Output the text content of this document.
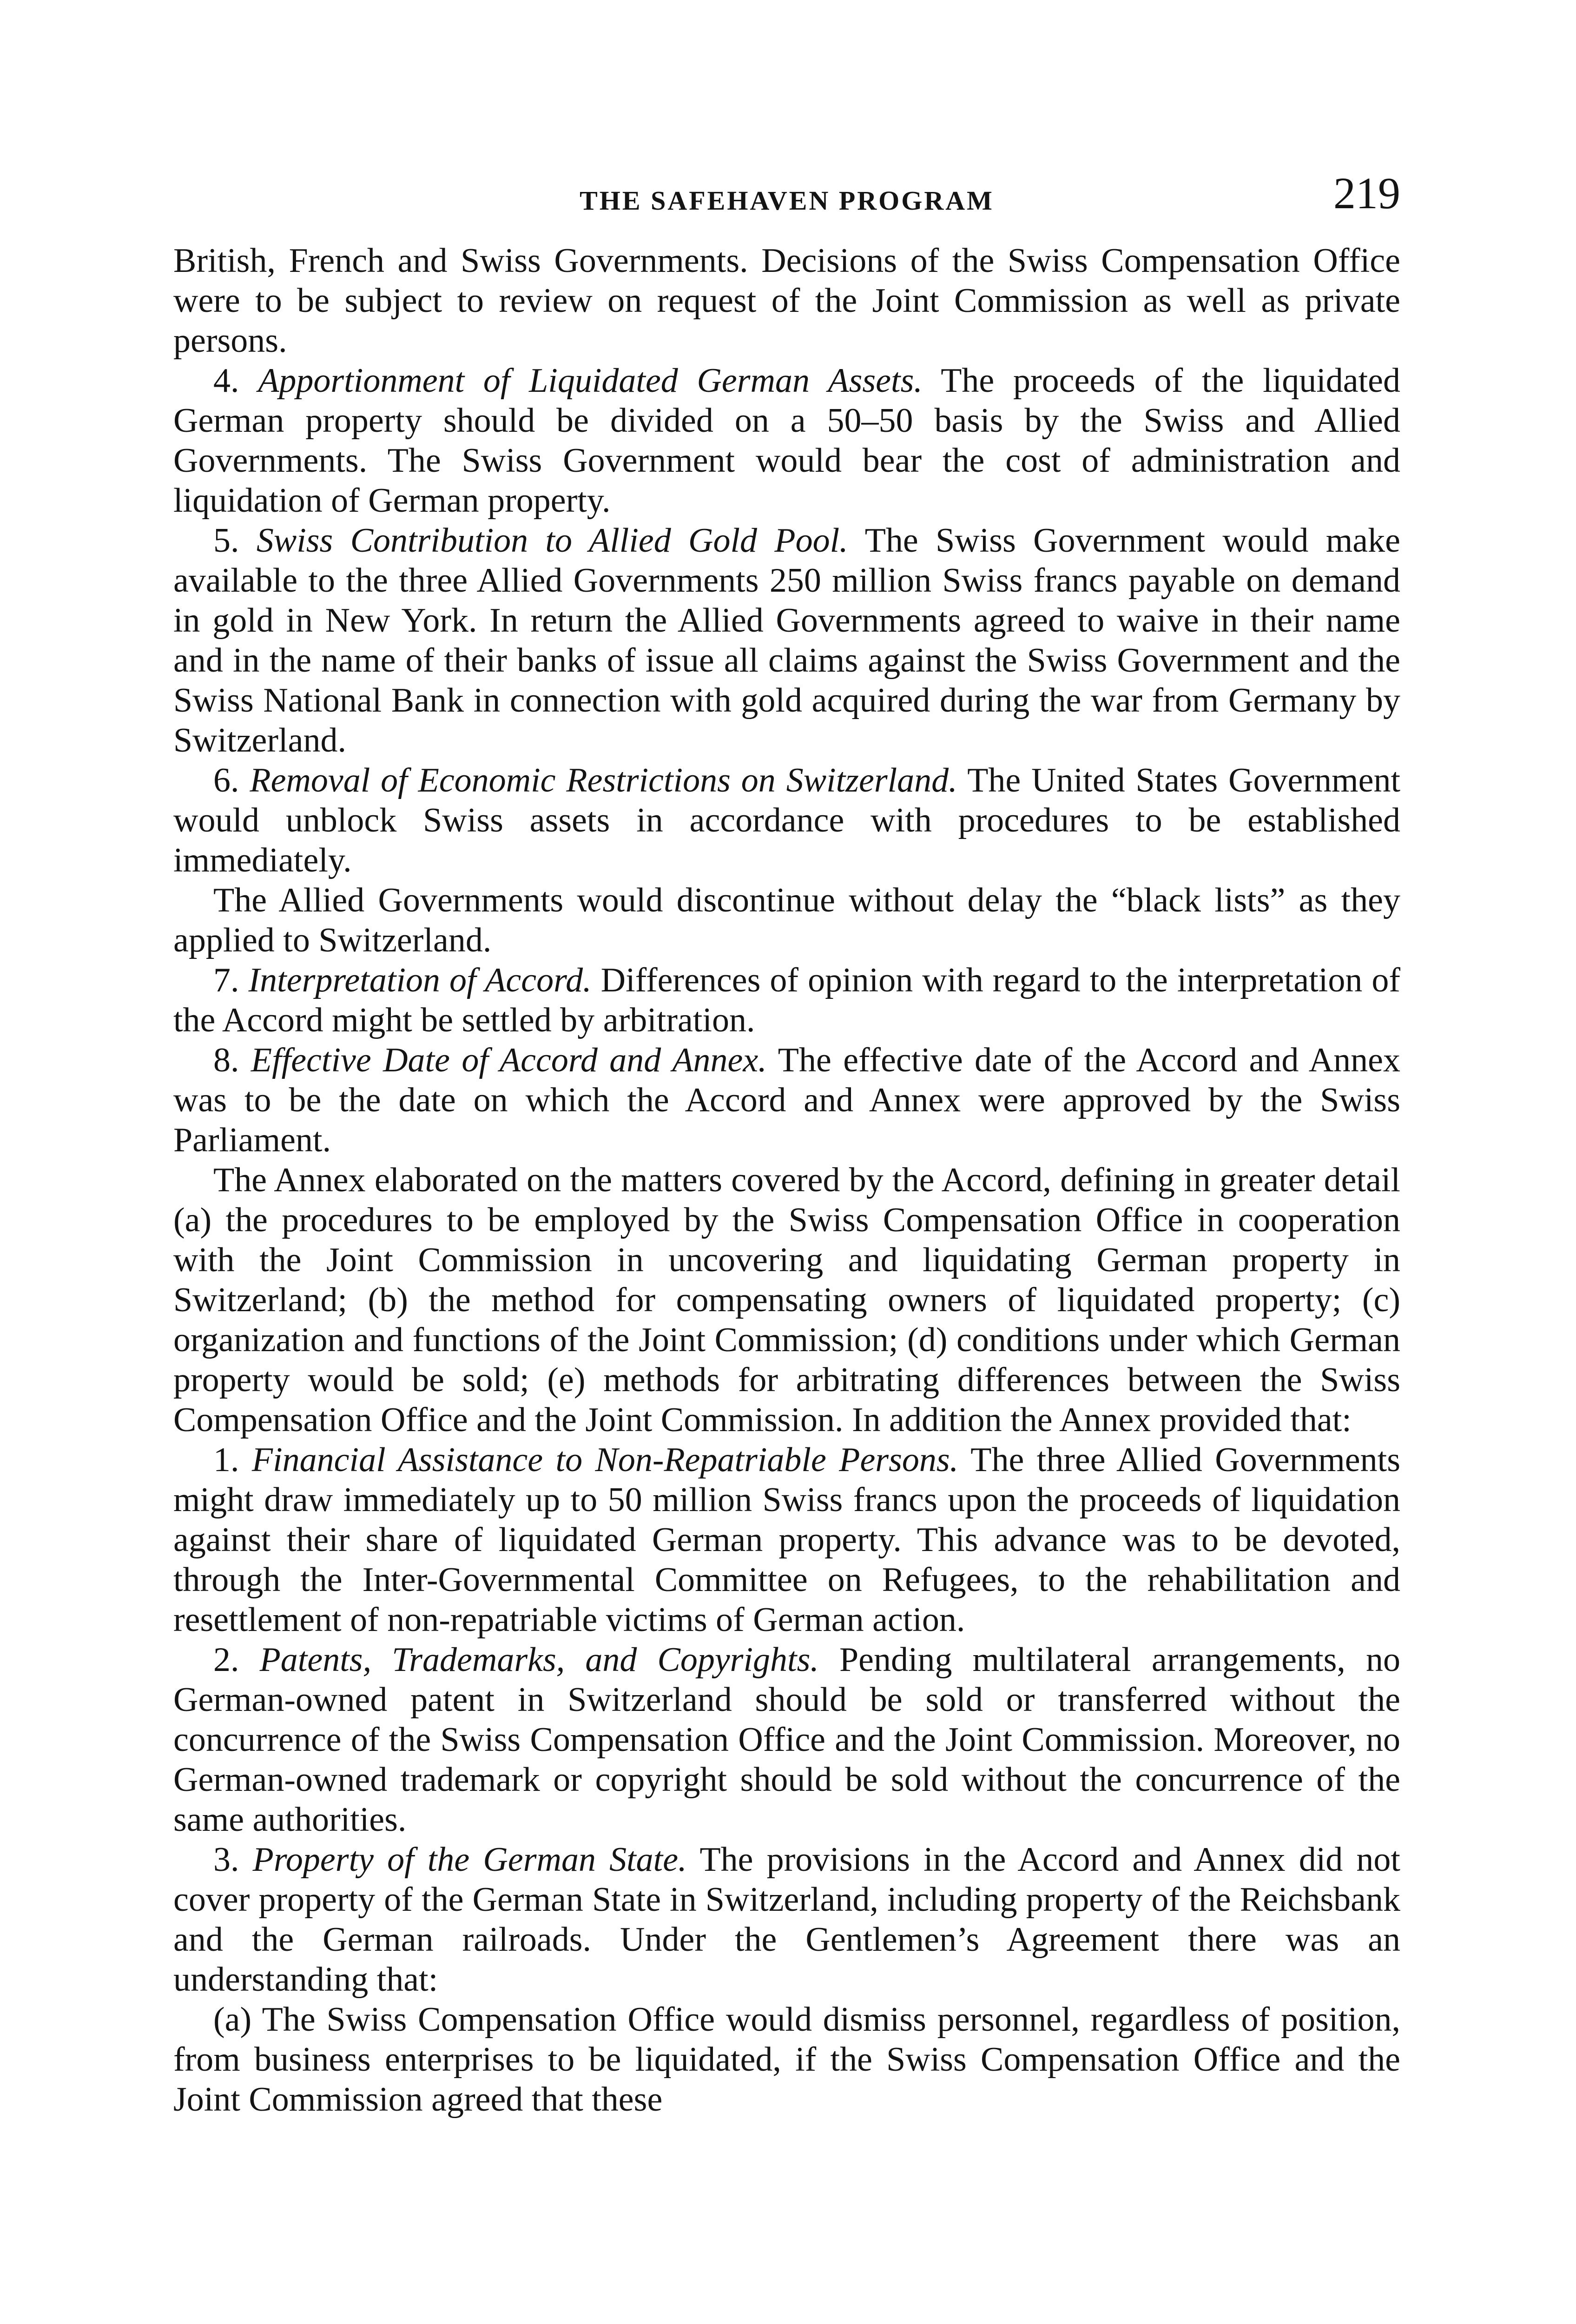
THE SAFEHAVEN PROGRAM	219

British, French and Swiss Governments. Decisions of the Swiss Compensation Office were to be subject to review on request of the Joint Commission as well as private persons.

4. Apportionment of Liquidated German Assets. The proceeds of the liquidated German property should be divided on a 50–50 basis by the Swiss and Allied Governments. The Swiss Government would bear the cost of administration and liquidation of German property.

5. Swiss Contribution to Allied Gold Pool. The Swiss Government would make available to the three Allied Governments 250 million Swiss francs payable on demand in gold in New York. In return the Allied Governments agreed to waive in their name and in the name of their banks of issue all claims against the Swiss Government and the Swiss National Bank in connection with gold acquired during the war from Germany by Switzerland.

6. Removal of Economic Restrictions on Switzerland. The United States Government would unblock Swiss assets in accordance with procedures to be established immediately.

The Allied Governments would discontinue without delay the “black lists” as they applied to Switzerland.

7. Interpretation of Accord. Differences of opinion with regard to the interpretation of the Accord might be settled by arbitration.

8. Effective Date of Accord and Annex. The effective date of the Accord and Annex was to be the date on which the Accord and Annex were approved by the Swiss Parliament.

The Annex elaborated on the matters covered by the Accord, defining in greater detail (a) the procedures to be employed by the Swiss Compensation Office in cooperation with the Joint Commission in uncovering and liquidating German property in Switzerland; (b) the method for compensating owners of liquidated property; (c) organization and functions of the Joint Commission; (d) conditions under which German property would be sold; (e) methods for arbitrating differences between the Swiss Compensation Office and the Joint Commission. In addition the Annex provided that:

1. Financial Assistance to Non-Repatriable Persons. The three Allied Governments might draw immediately up to 50 million Swiss francs upon the proceeds of liquidation against their share of liquidated German property. This advance was to be devoted, through the Inter-Governmental Committee on Refugees, to the rehabilitation and resettlement of non-repatriable victims of German action.

2. Patents, Trademarks, and Copyrights. Pending multilateral arrangements, no German-owned patent in Switzerland should be sold or transferred without the concurrence of the Swiss Compensation Office and the Joint Commission. Moreover, no German-owned trademark or copyright should be sold without the concurrence of the same authorities.

3. Property of the German State. The provisions in the Accord and Annex did not cover property of the German State in Switzerland, including property of the Reichsbank and the German railroads. Under the Gentlemen’s Agreement there was an understanding that:

(a) The Swiss Compensation Office would dismiss personnel, regardless of position, from business enterprises to be liquidated, if the Swiss Compensation Office and the Joint Commission agreed that these
